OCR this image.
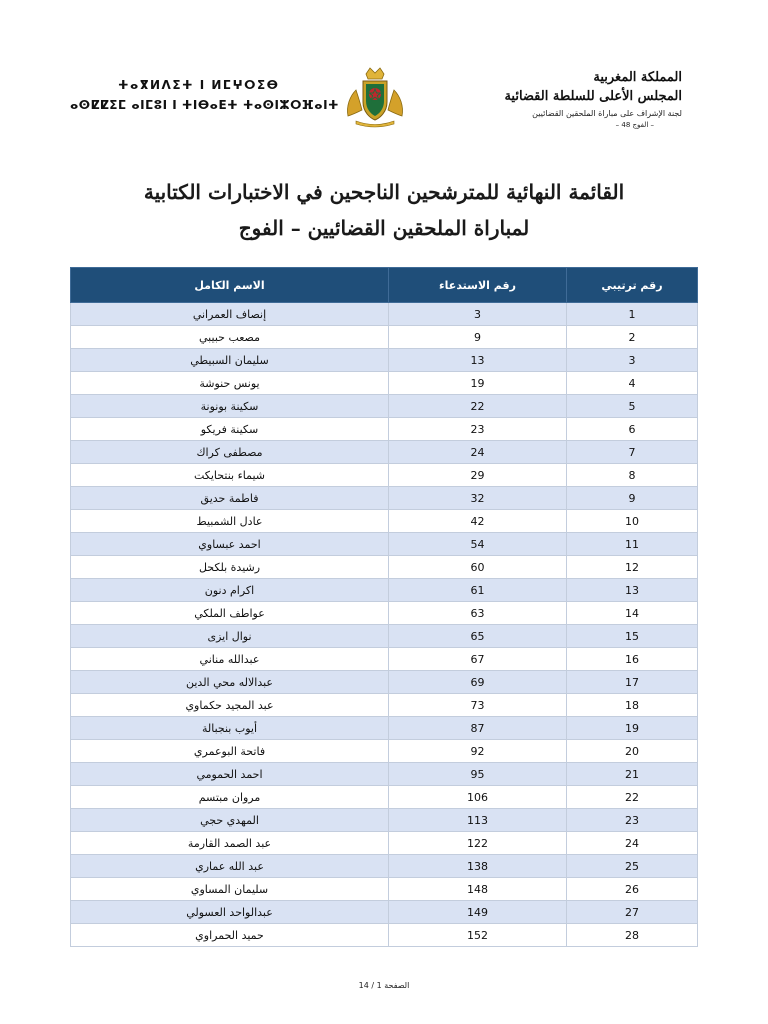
المملكة المغربية
المجلس الأعلى للسلطة القضائية
لجنة الإشراف على مباراة الملحقين القضائيين
– الفوج 48 –
ⵜⴰⴳⵍⴷⵉⵜ ⵏ ⵍⵎⵖⵔⵉⴱ
ⴰⵙⵇⵇⵉⵎ ⴰⵏⵎⵓⵏ ⵏ ⵜⵏⴱⴰⴹⵜ ⵜⴰⵙⵏⵣⵔⴼⴰⵏⵜ
القائمة النهائية للمترشحين الناجحين في الاختبارات الكتابية
لمباراة الملحقين القضائيين – الفوج
رقم ترتيبي	رقم الاستدعاء	الاسم الكامل
1	3	إنصاف العمراني
2	9	مصعب حبيبي
3	13	سليمان السبيطي
4	19	يونس حنوشة
5	22	سكينة بونونة
6	23	سكينة فريكو
7	24	مصطفى كراك
8	29	شيماء بنتحايكت
9	32	فاطمة حديق
10	42	عادل الشمبيط
11	54	احمد عبساوي
12	60	رشيدة بلكحل
13	61	اكرام دنون
14	63	عواطف الملكي
15	65	نوال ايزى
16	67	عبدالله مناني
17	69	عبدالاله محي الدين
18	73	عبد المجيد حكماوي
19	87	أيوب بنجبالة
20	92	فاتحة البوعمري
21	95	احمد الحمومي
22	106	مروان مبتسم
23	113	المهدي حجي
24	122	عبد الصمد القارمة
25	138	عبد الله عماري
26	148	سليمان المساوي
27	149	عبدالواحد العسولي
28	152	حميد الحمراوي
الصفحة 1 / 14
